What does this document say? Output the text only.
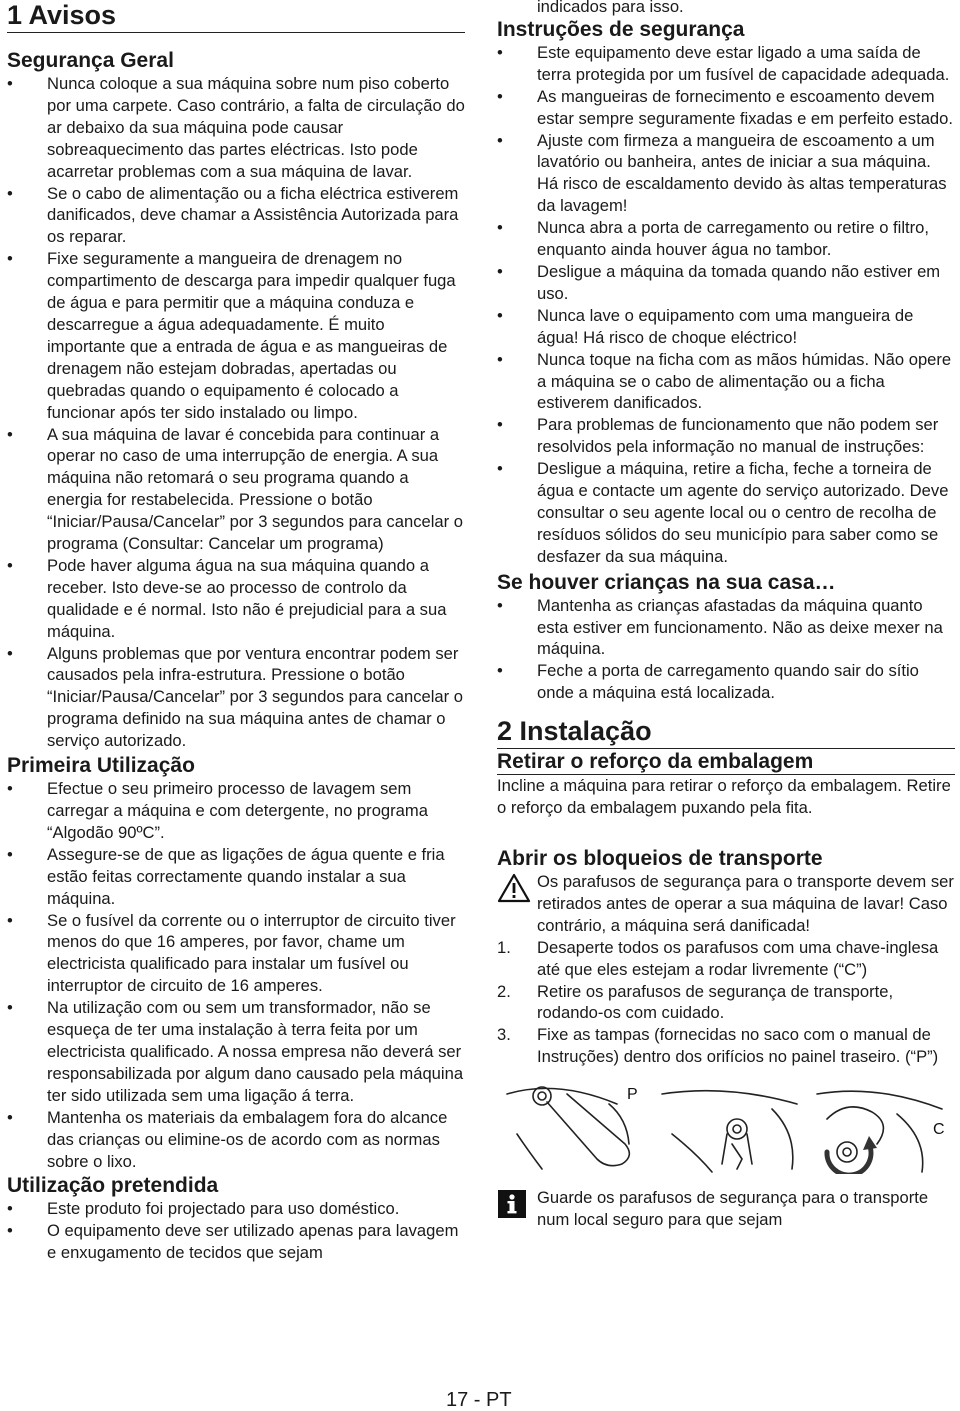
1 Avisos
Segurança Geral
• Nunca coloque a sua máquina sobre num piso coberto por uma carpete. Caso contrário, a falta de circulação do ar debaixo da sua máquina pode causar sobreaquecimento das partes eléctricas. Isto pode acarretar problemas com a sua máquina de lavar.
• Se o cabo de alimentação ou a ficha eléctrica estiverem danificados, deve chamar a Assistência Autorizada para os reparar.
• Fixe seguramente a mangueira de drenagem no compartimento de descarga para impedir qualquer fuga de água e para permitir que a máquina conduza e descarregue a água adequadamente. É muito importante que a entrada de água e as mangueiras de drenagem não estejam dobradas, apertadas ou quebradas quando o equipamento é colocado a funcionar após ter sido instalado ou limpo.
• A sua máquina de lavar é concebida para continuar a operar no caso de uma interrupção de energia. A sua máquina não retomará o seu programa quando a energia for restabelecida. Pressione o botão “Iniciar/Pausa/Cancelar” por 3 segundos para cancelar o programa (Consultar: Cancelar um programa)
• Pode haver alguma água na sua máquina quando a receber. Isto deve-se ao processo de controlo da qualidade e é normal. Isto não é prejudicial para a sua máquina.
• Alguns problemas que por ventura encontrar podem ser causados pela infra-estrutura. Pressione o botão “Iniciar/Pausa/Cancelar” por 3 segundos para cancelar o programa definido na sua máquina antes de chamar o serviço autorizado.
Primeira Utilização
• Efectue o seu primeiro processo de lavagem sem carregar a máquina e com detergente, no programa “Algodão 90ºC”.
• Assegure-se de que as ligações de água quente e fria estão feitas correctamente quando instalar a sua máquina.
• Se o fusível da corrente ou o interruptor de circuito tiver menos do que 16 amperes, por favor, chame um electricista qualificado para instalar um fusível ou interruptor de circuito de 16 amperes.
• Na utilização com ou sem um transformador, não se esqueça de ter uma instalação à terra feita por um electricista qualificado. A nossa empresa não deverá ser responsabilizada por algum dano causado pela máquina ter sido utilizada sem uma ligação á terra.
• Mantenha os materiais da embalagem fora do alcance das crianças ou elimine-os de acordo com as normas sobre o lixo.
Utilização pretendida
• Este produto foi projectado para uso doméstico.
• O equipamento deve ser utilizado apenas para lavagem e enxugamento de tecidos que sejam

indicados para isso.

Instruções de segurança
• Este equipamento deve estar ligado a uma saída de terra protegida por um fusível de capacidade adequada.
• As mangueiras de fornecimento e escoamento devem estar sempre seguramente fixadas e em perfeito estado.
• Ajuste com firmeza a mangueira de escoamento a um lavatório ou banheira, antes de iniciar a sua máquina. Há risco de escaldamento devido às altas temperaturas da lavagem!
• Nunca abra a porta de carregamento ou retire o filtro, enquanto ainda houver água no tambor.
• Desligue a máquina da tomada quando não estiver em uso.
• Nunca lave o equipamento com uma mangueira de água! Há risco de choque eléctrico!
• Nunca toque na ficha com as mãos húmidas. Não opere a máquina se o cabo de alimentação ou a ficha estiverem danificados.
• Para problemas de funcionamento que não podem ser resolvidos pela informação no manual de instruções:
• Desligue a máquina, retire a ficha, feche a torneira de água e contacte um agente do serviço autorizado. Deve consultar o seu agente local ou o centro de recolha de resíduos sólidos do seu município para saber como se desfazer da sua máquina.
Se houver crianças na sua casa…
• Mantenha as crianças afastadas da máquina quanto esta estiver em funcionamento. Não as deixe mexer na máquina.
• Feche a porta de carregamento quando sair do sítio onde a máquina está localizada.
2 Instalação
Retirar o reforço da embalagem

Incline a máquina para retirar o reforço da embalagem. Retire o reforço da embalagem puxando pela fita.

Abrir os bloqueios de transporte
Os parafusos de segurança para o transporte devem ser retirados antes de operar a sua máquina de lavar! Caso contrário, a máquina será danificada!
1. Desaperte todos os parafusos com uma chave-inglesa até que eles estejam a rodar livremente (“C”)
2. Retire os parafusos de segurança de transporte, rodando-os com cuidado.
3. Fixe as tampas (fornecidas no saco com o manual de Instruções) dentro dos orifícios no painel traseiro. (“P”)
P
C
Guarde os parafusos de segurança para o transporte num local seguro para que sejam
17 - PT
